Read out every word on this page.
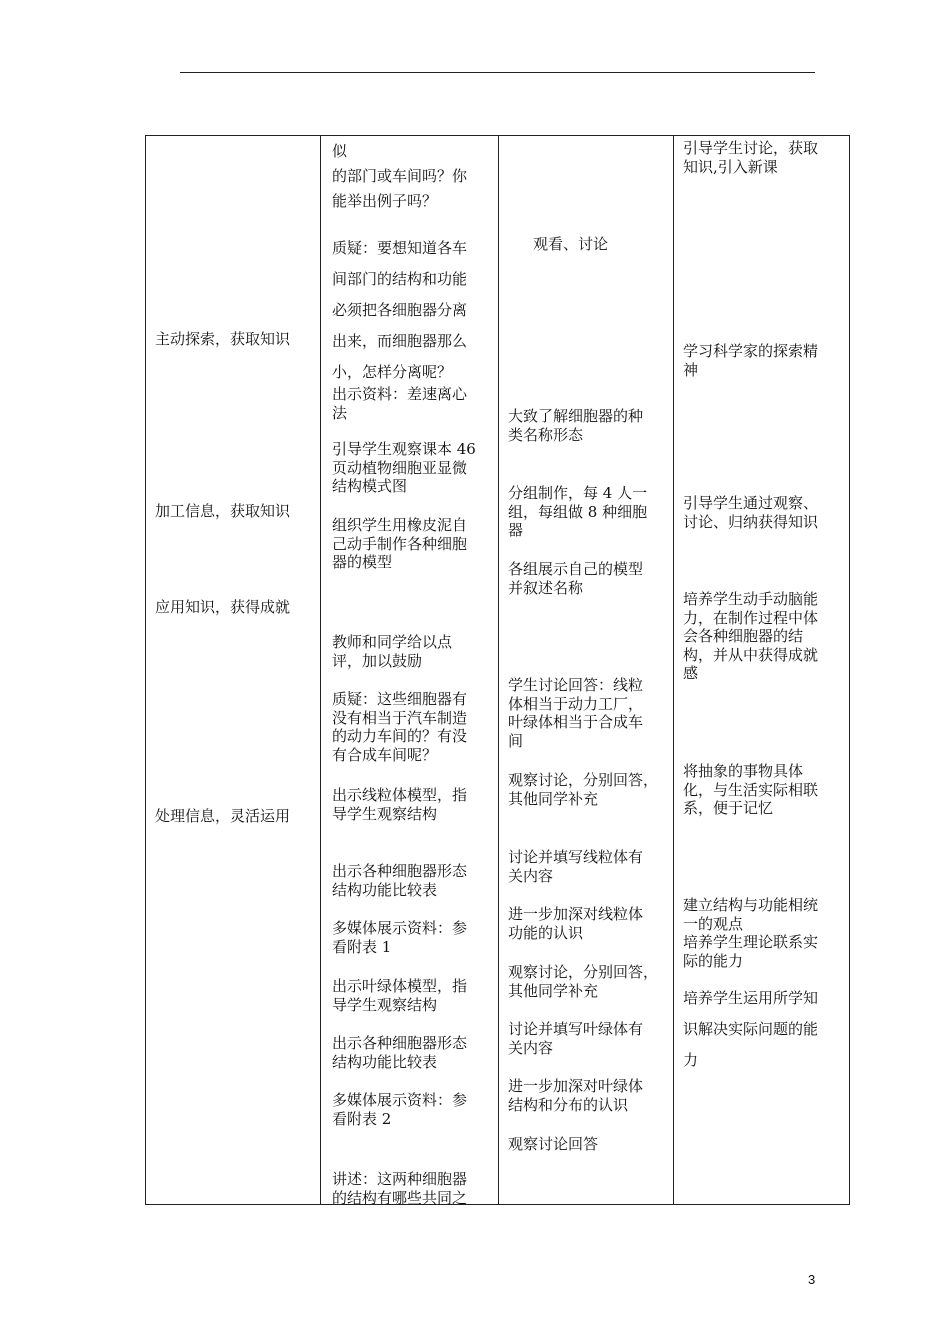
主动探索，获取知识
加工信息，获取知识
应用知识，获得成就
处理信息，灵活运用
似
的部门或车间吗？你
能举出例子吗？
质疑：要想知道各车
间部门的结构和功能
必须把各细胞器分离
出来，而细胞器那么
小，怎样分离呢？
出示资料：差速离心
法
引导学生观察课本 46
页动植物细胞亚显微
结构模式图
组织学生用橡皮泥自
己动手制作各种细胞
器的模型
教师和同学给以点
评，加以鼓励
质疑：这些细胞器有
没有相当于汽车制造
的动力车间的？有没
有合成车间呢？
出示线粒体模型，指
导学生观察结构
出示各种细胞器形态
结构功能比较表
多媒体展示资料：参
看附表 1
出示叶绿体模型，指
导学生观察结构
出示各种细胞器形态
结构功能比较表
多媒体展示资料：参
看附表 2
讲述：这两种细胞器
的结构有哪些共同之
观看、讨论
大致了解细胞器的种
类名称形态
分组制作，每 4 人一
组，每组做 8 种细胞
器
各组展示自己的模型
并叙述名称
学生讨论回答：线粒
体相当于动力工厂，
叶绿体相当于合成车
间
观察讨论，分别回答，
其他同学补充
讨论并填写线粒体有
关内容
进一步加深对线粒体
功能的认识
观察讨论，分别回答，
其他同学补充
讨论并填写叶绿体有
关内容
进一步加深对叶绿体
结构和分布的认识
观察讨论回答
引导学生讨论，获取
知识,引入新课
学习科学家的探索精
神
引导学生通过观察、
讨论、归纳获得知识
培养学生动手动脑能
力，在制作过程中体
会各种细胞器的结
构，并从中获得成就
感
将抽象的事物具体
化，与生活实际相联
系，便于记忆
建立结构与功能相统
一的观点
培养学生理论联系实
际的能力
培养学生运用所学知
识解决实际问题的能
力
3
